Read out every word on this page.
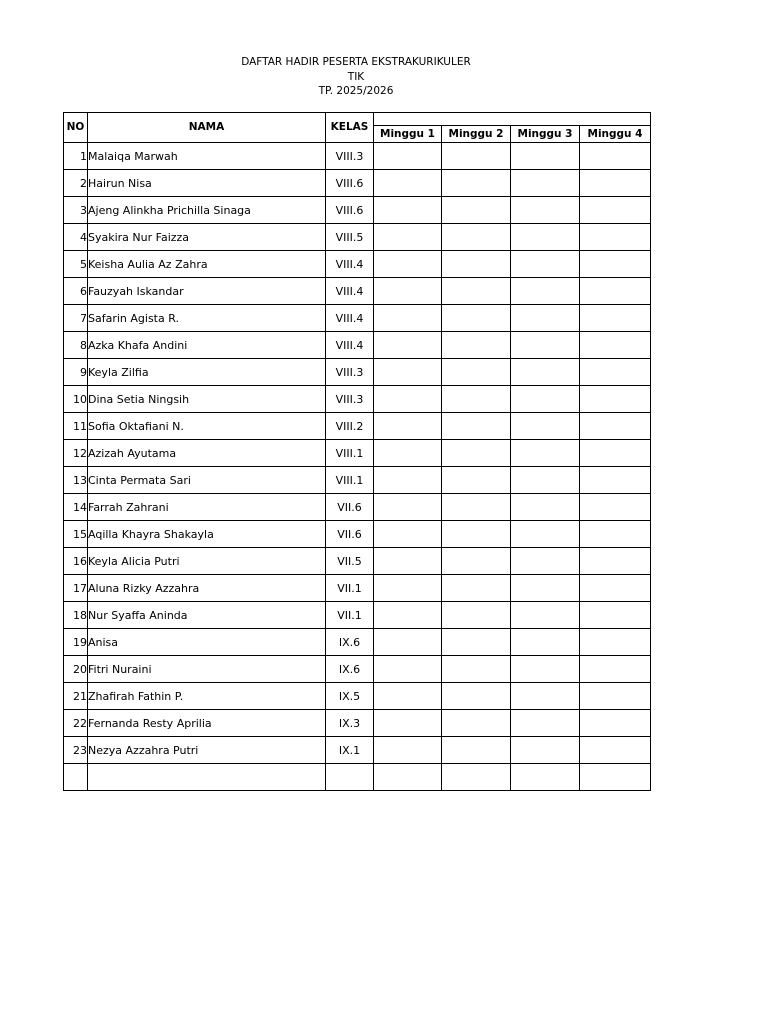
DAFTAR HADIR PESERTA EKSTRAKURIKULER
TIK
TP. 2025/2026
NO	NAMA	KELAS				
			Minggu 1	Minggu 2	Minggu 3	Minggu 4
1	Malaiqa Marwah	VIII.3				
2	Hairun Nisa	VIII.6				
3	Ajeng Alinkha Prichilla Sinaga	VIII.6				
4	Syakira Nur Faizza	VIII.5				
5	Keisha Aulia Az Zahra	VIII.4				
6	Fauzyah Iskandar	VIII.4				
7	Safarin Agista R.	VIII.4				
8	Azka Khafa Andini	VIII.4				
9	Keyla Zilfia	VIII.3				
10	Dina Setia Ningsih	VIII.3				
11	Sofia Oktafiani N.	VIII.2				
12	Azizah Ayutama	VIII.1				
13	Cinta Permata Sari	VIII.1				
14	Farrah Zahrani	VII.6				
15	Aqilla Khayra Shakayla	VII.6				
16	Keyla Alicia Putri	VII.5				
17	Aluna Rizky Azzahra	VII.1				
18	Nur Syaffa Aninda	VII.1				
19	Anisa	IX.6				
20	Fitri Nuraini	IX.6				
21	Zhafirah Fathin P.	IX.5				
22	Fernanda Resty Aprilia	IX.3				
23	Nezya Azzahra Putri	IX.1				
